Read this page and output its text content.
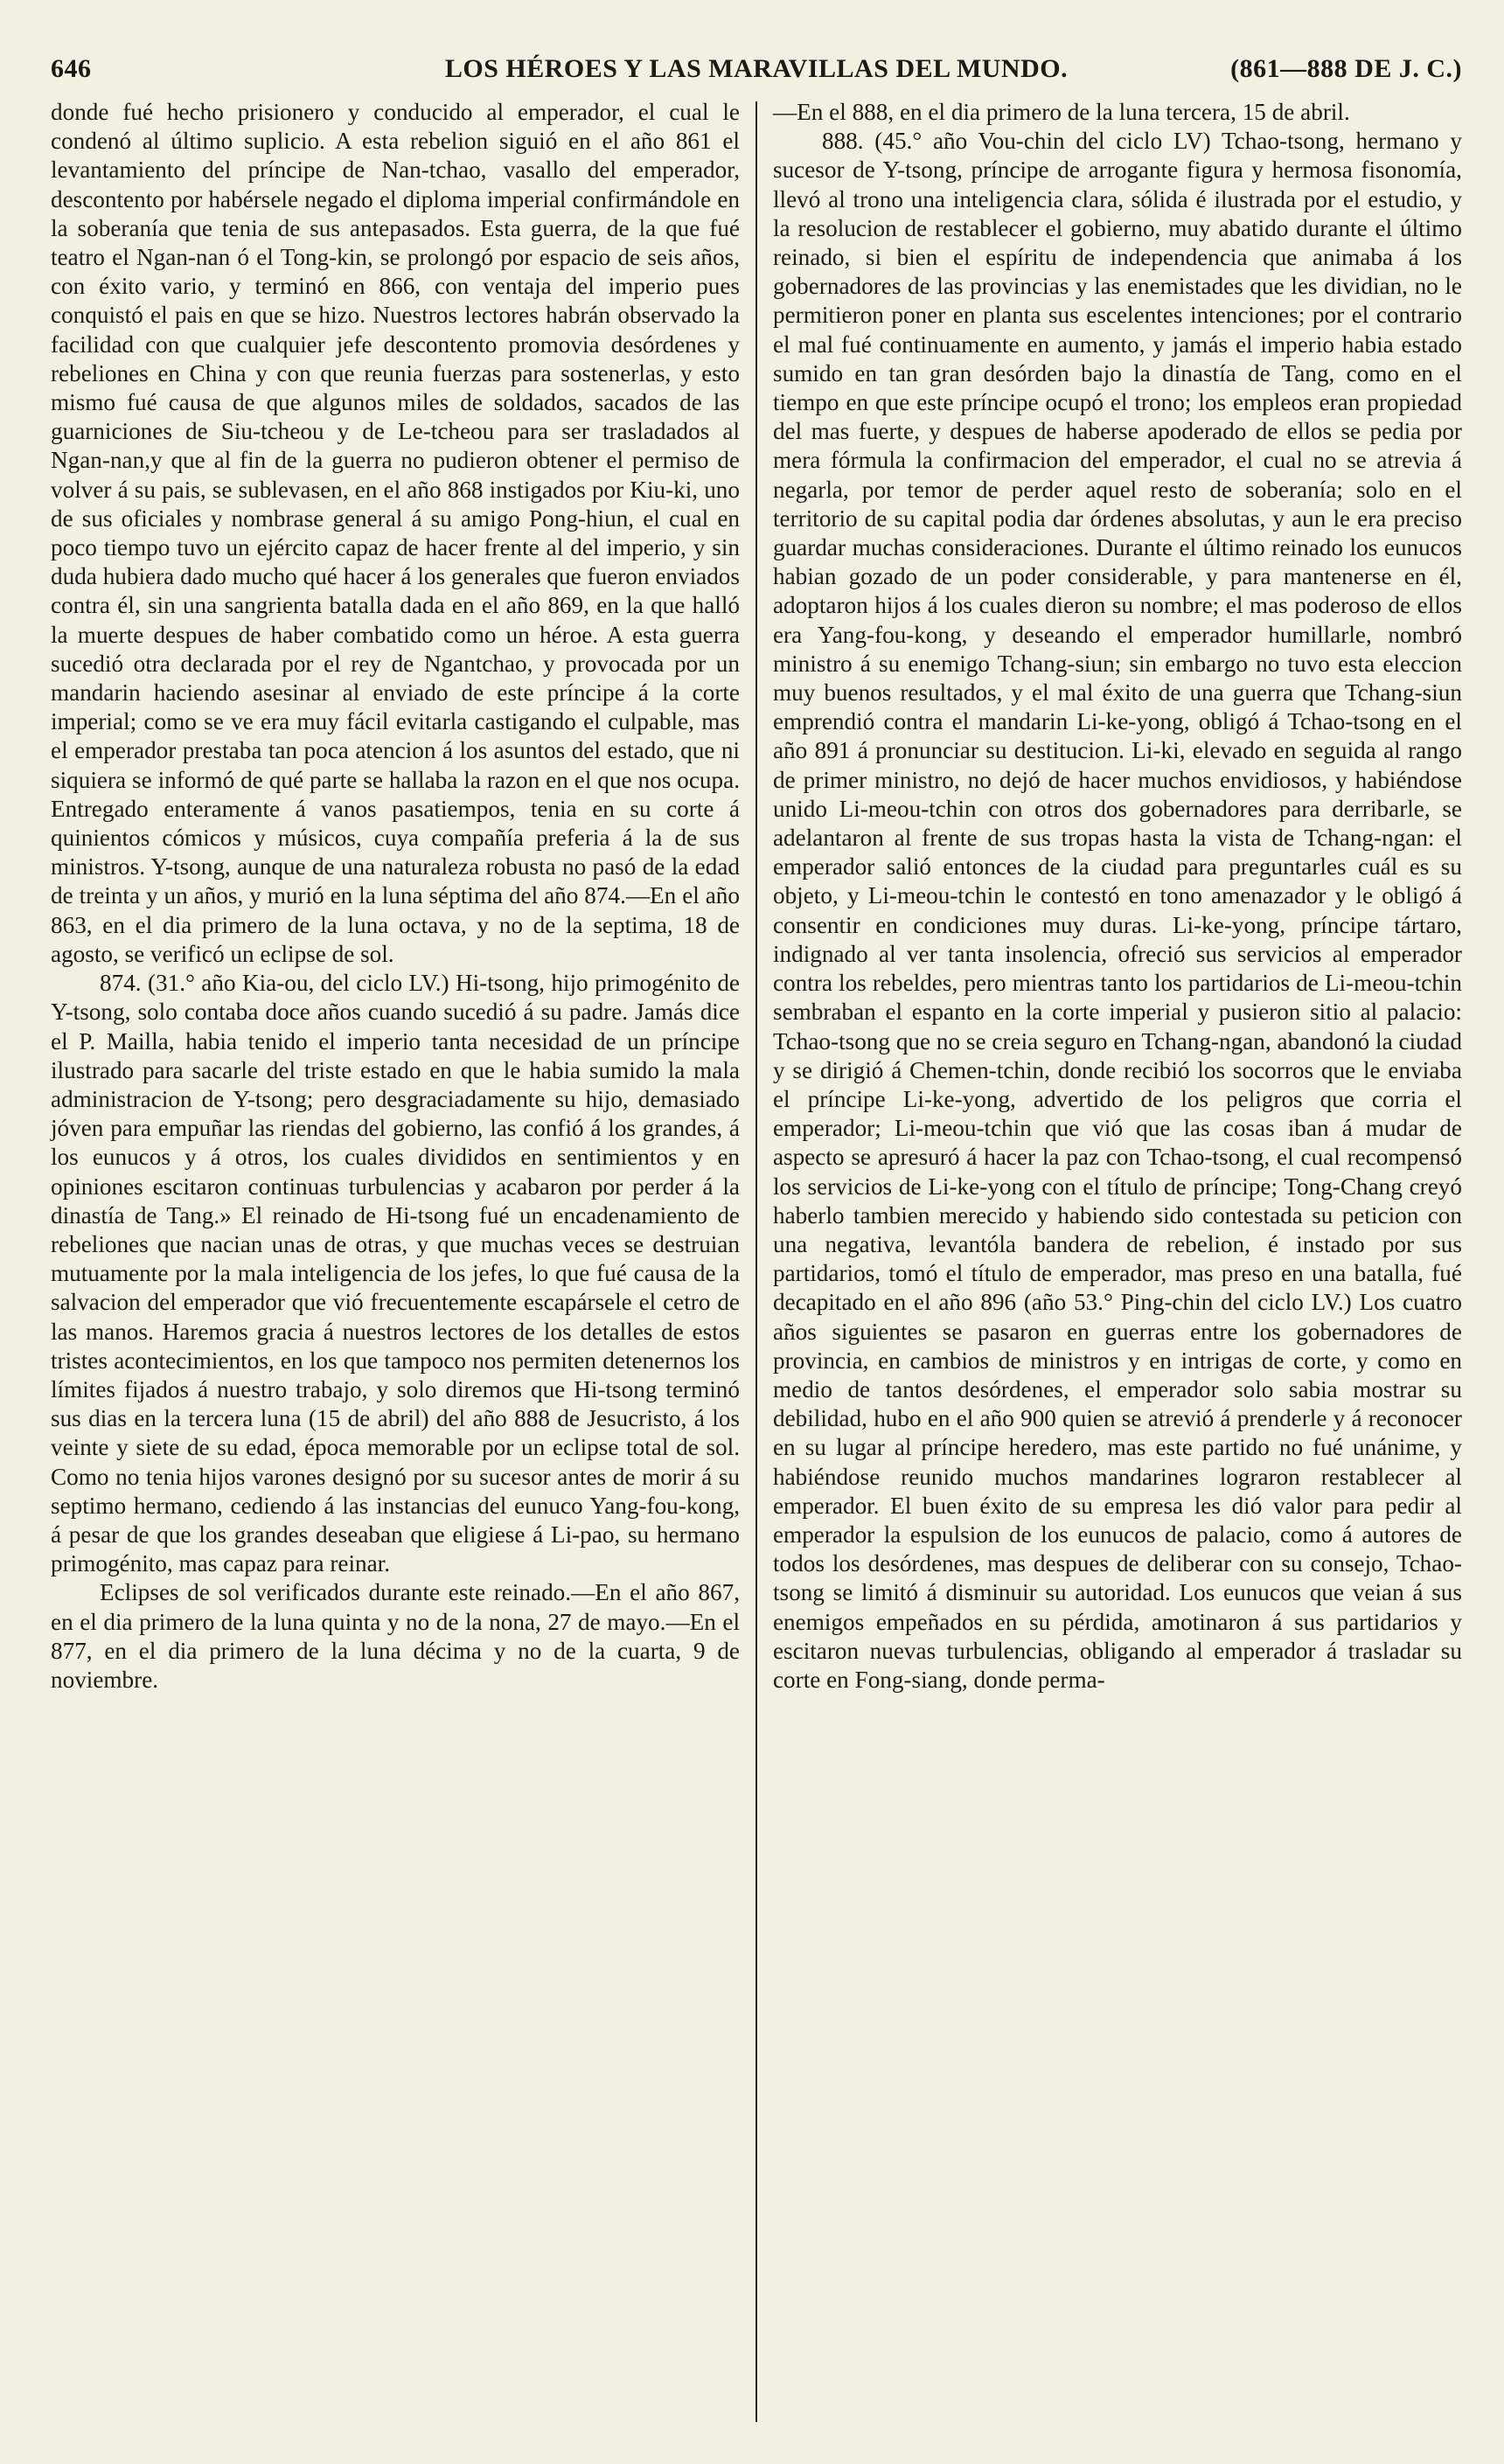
646	LOS HÉROES Y LAS MARAVILLAS DEL MUNDO.	(861—888 DE J. C.)

donde fué hecho prisionero y conducido al emperador, el cual le condenó al último suplicio. A esta rebelion siguió en el año 861 el levantamiento del príncipe de Nan-tchao, vasallo del emperador, descontento por habérsele negado el diploma imperial confirmándole en la soberanía que tenia de sus antepasados. Esta guerra, de la que fué teatro el Ngan-nan ó el Tong-kin, se prolongó por espacio de seis años, con éxito vario, y terminó en 866, con ventaja del imperio pues conquistó el pais en que se hizo. Nuestros lectores habrán observado la facilidad con que cualquier jefe descontento promovia desórdenes y rebeliones en China y con que reunia fuerzas para sostenerlas, y esto mismo fué causa de que algunos miles de soldados, sacados de las guarniciones de Siu-tcheou y de Le-tcheou para ser trasladados al Ngan-nan,y que al fin de la guerra no pudieron obtener el permiso de volver á su pais, se sublevasen, en el año 868 instigados por Kiu-ki, uno de sus oficiales y nombrase general á su amigo Pong-hiun, el cual en poco tiempo tuvo un ejército capaz de hacer frente al del imperio, y sin duda hubiera dado mucho qué hacer á los generales que fueron enviados contra él, sin una sangrienta batalla dada en el año 869, en la que halló la muerte despues de haber combatido como un héroe. A esta guerra sucedió otra declarada por el rey de Ngantchao, y provocada por un mandarin haciendo asesinar al enviado de este príncipe á la corte imperial; como se ve era muy fácil evitarla castigando el culpable, mas el emperador prestaba tan poca atencion á los asuntos del estado, que ni siquiera se informó de qué parte se hallaba la razon en el que nos ocupa. Entregado enteramente á vanos pasatiempos, tenia en su corte á quinientos cómicos y músicos, cuya compañía preferia á la de sus ministros. Y-tsong, aunque de una naturaleza robusta no pasó de la edad de treinta y un años, y murió en la luna séptima del año 874.—En el año 863, en el dia primero de la luna octava, y no de la septima, 18 de agosto, se verificó un eclipse de sol.

874. (31.° año Kia-ou, del ciclo LV.) Hi-tsong, hijo primogénito de Y-tsong, solo contaba doce años cuando sucedió á su padre. Jamás dice el P. Mailla, habia tenido el imperio tanta necesidad de un príncipe ilustrado para sacarle del triste estado en que le habia sumido la mala administracion de Y-tsong; pero desgraciadamente su hijo, demasiado jóven para empuñar las riendas del gobierno, las confió á los grandes, á los eunucos y á otros, los cuales divididos en sentimientos y en opiniones escitaron continuas turbulencias y acabaron por perder á la dinastía de Tang.» El reinado de Hi-tsong fué un encadenamiento de rebeliones que nacian unas de otras, y que muchas veces se destruian mutuamente por la mala inteligencia de los jefes, lo que fué causa de la salvacion del emperador que vió frecuentemente escapársele el cetro de las manos. Haremos gracia á nuestros lectores de los detalles de estos tristes acontecimientos, en los que tampoco nos permiten detenernos los límites fijados á nuestro trabajo, y solo diremos que Hi-tsong terminó sus dias en la tercera luna (15 de abril) del año 888 de Jesucristo, á los veinte y siete de su edad, época memorable por un eclipse total de sol. Como no tenia hijos varones designó por su sucesor antes de morir á su septimo hermano, cediendo á las instancias del eunuco Yang-fou-kong, á pesar de que los grandes deseaban que eligiese á Li-pao, su hermano primogénito, mas capaz para reinar.

Eclipses de sol verificados durante este reinado.—En el año 867, en el dia primero de la luna quinta y no de la nona, 27 de mayo.—En el 877, en el dia primero de la luna décima y no de la cuarta, 9 de noviembre.

—En el 888, en el dia primero de la luna tercera, 15 de abril.

888. (45.° año Vou-chin del ciclo LV) Tchao-tsong, hermano y sucesor de Y-tsong, príncipe de arrogante figura y hermosa fisonomía, llevó al trono una inteligencia clara, sólida é ilustrada por el estudio, y la resolucion de restablecer el gobierno, muy abatido durante el último reinado, si bien el espíritu de independencia que animaba á los gobernadores de las provincias y las enemistades que les dividian, no le permitieron poner en planta sus escelentes intenciones; por el contrario el mal fué continuamente en aumento, y jamás el imperio habia estado sumido en tan gran desórden bajo la dinastía de Tang, como en el tiempo en que este príncipe ocupó el trono; los empleos eran propiedad del mas fuerte, y despues de haberse apoderado de ellos se pedia por mera fórmula la confirmacion del emperador, el cual no se atrevia á negarla, por temor de perder aquel resto de soberanía; solo en el territorio de su capital podia dar órdenes absolutas, y aun le era preciso guardar muchas consideraciones. Durante el último reinado los eunucos habian gozado de un poder considerable, y para mantenerse en él, adoptaron hijos á los cuales dieron su nombre; el mas poderoso de ellos era Yang-fou-kong, y deseando el emperador humillarle, nombró ministro á su enemigo Tchang-siun; sin embargo no tuvo esta eleccion muy buenos resultados, y el mal éxito de una guerra que Tchang-siun emprendió contra el mandarin Li-ke-yong, obligó á Tchao-tsong en el año 891 á pronunciar su destitucion. Li-ki, elevado en seguida al rango de primer ministro, no dejó de hacer muchos envidiosos, y habiéndose unido Li-meou-tchin con otros dos gobernadores para derribarle, se adelantaron al frente de sus tropas hasta la vista de Tchang-ngan: el emperador salió entonces de la ciudad para preguntarles cuál es su objeto, y Li-meou-tchin le contestó en tono amenazador y le obligó á consentir en condiciones muy duras. Li-ke-yong, príncipe tártaro, indignado al ver tanta insolencia, ofreció sus servicios al emperador contra los rebeldes, pero mientras tanto los partidarios de Li-meou-tchin sembraban el espanto en la corte imperial y pusieron sitio al palacio: Tchao-tsong que no se creia seguro en Tchang-ngan, abandonó la ciudad y se dirigió á Chemen-tchin, donde recibió los socorros que le enviaba el príncipe Li-ke-yong, advertido de los peligros que corria el emperador; Li-meou-tchin que vió que las cosas iban á mudar de aspecto se apresuró á hacer la paz con Tchao-tsong, el cual recompensó los servicios de Li-ke-yong con el título de príncipe; Tong-Chang creyó haberlo tambien merecido y habiendo sido contestada su peticion con una negativa, levantóla bandera de rebelion, é instado por sus partidarios, tomó el título de emperador, mas preso en una batalla, fué decapitado en el año 896 (año 53.° Ping-chin del ciclo LV.) Los cuatro años siguientes se pasaron en guerras entre los gobernadores de provincia, en cambios de ministros y en intrigas de corte, y como en medio de tantos desórdenes, el emperador solo sabia mostrar su debilidad, hubo en el año 900 quien se atrevió á prenderle y á reconocer en su lugar al príncipe heredero, mas este partido no fué unánime, y habiéndose reunido muchos mandarines lograron restablecer al emperador. El buen éxito de su empresa les dió valor para pedir al emperador la espulsion de los eunucos de palacio, como á autores de todos los desórdenes, mas despues de deliberar con su consejo, Tchao-tsong se limitó á disminuir su autoridad. Los eunucos que veian á sus enemigos empeñados en su pérdida, amotinaron á sus partidarios y escitaron nuevas turbulencias, obligando al emperador á trasladar su corte en Fong-siang, donde perma-
